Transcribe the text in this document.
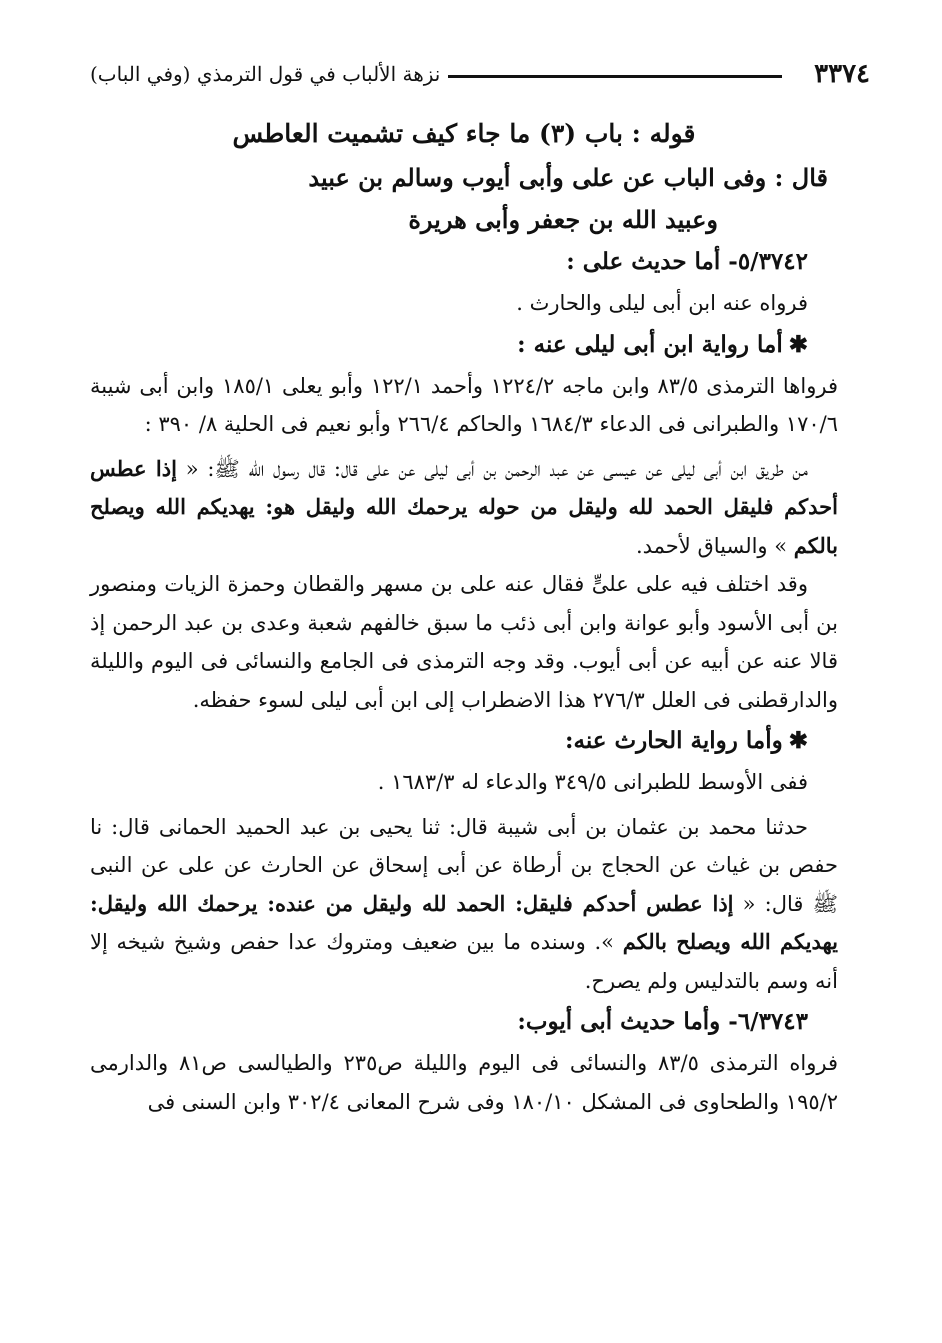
٣٣٧٤
نزهة الألباب في قول الترمذي (وفي الباب)
قوله : باب (٣) ما جاء كيف تشميت العاطس
قال : وفى الباب عن على وأبى أيوب وسالم بن عبيد
وعبيد الله بن جعفر وأبى هريرة
٥/٣٧٤٢- أما حديث على :

فرواه عنه ابن أبى ليلى والحارث .

✱أما رواية ابن أبى ليلى عنه :

فرواها الترمذى ٨٣/٥ وابن ماجه ١٢٢٤/٢ وأحمد ١٢٢/١ وأبو يعلى ١٨٥/١ وابن أبى شيبة ١٧٠/٦ والطبرانى فى الدعاء ١٦٨٤/٣ والحاكم ٢٦٦/٤ وأبو نعيم فى الحلية ٨/ ٣٩٠ :

من طريق ابن أبى ليلى عن عيسى عن عبد الرحمن بن أبى ليلى عن على قال: قال رسول الله ﷺ: « إذا عطس أحدكم فليقل الحمد لله وليقل من حوله يرحمك الله وليقل هو: يهديكم الله ويصلح بالكم » والسياق لأحمد.

وقد اختلف فيه على علىٍّ فقال عنه على بن مسهر والقطان وحمزة الزيات ومنصور بن أبى الأسود وأبو عوانة وابن أبى ذئب ما سبق خالفهم شعبة وعدى بن عبد الرحمن إذ قالا عنه عن أبيه عن أبى أيوب. وقد وجه الترمذى فى الجامع والنسائى فى اليوم والليلة والدارقطنى فى العلل ٢٧٦/٣ هذا الاضطراب إلى ابن أبى ليلى لسوء حفظه.

✱وأما رواية الحارث عنه:

ففى الأوسط للطبرانى ٣٤٩/٥ والدعاء له ١٦٨٣/٣ .

حدثنا محمد بن عثمان بن أبى شيبة قال: ثنا يحيى بن عبد الحميد الحمانى قال: نا حفص بن غياث عن الحجاج بن أرطاة عن أبى إسحاق عن الحارث عن على عن النبى ﷺ قال: « إذا عطس أحدكم فليقل: الحمد لله وليقل من عنده: يرحمك الله وليقل: يهديكم الله ويصلح بالكم ». وسنده ما بين ضعيف ومتروك عدا حفص وشيخ شيخه إلا أنه وسم بالتدليس ولم يصرح.

٦/٣٧٤٣- وأما حديث أبى أيوب:

فرواه الترمذى ٨٣/٥ والنسائى فى اليوم والليلة ص٢٣٥ والطيالسى ص٨١ والدارمى ١٩٥/٢ والطحاوى فى المشكل ١٨٠/١٠ وفى شرح المعانى ٣٠٢/٤ وابن السنى فى
